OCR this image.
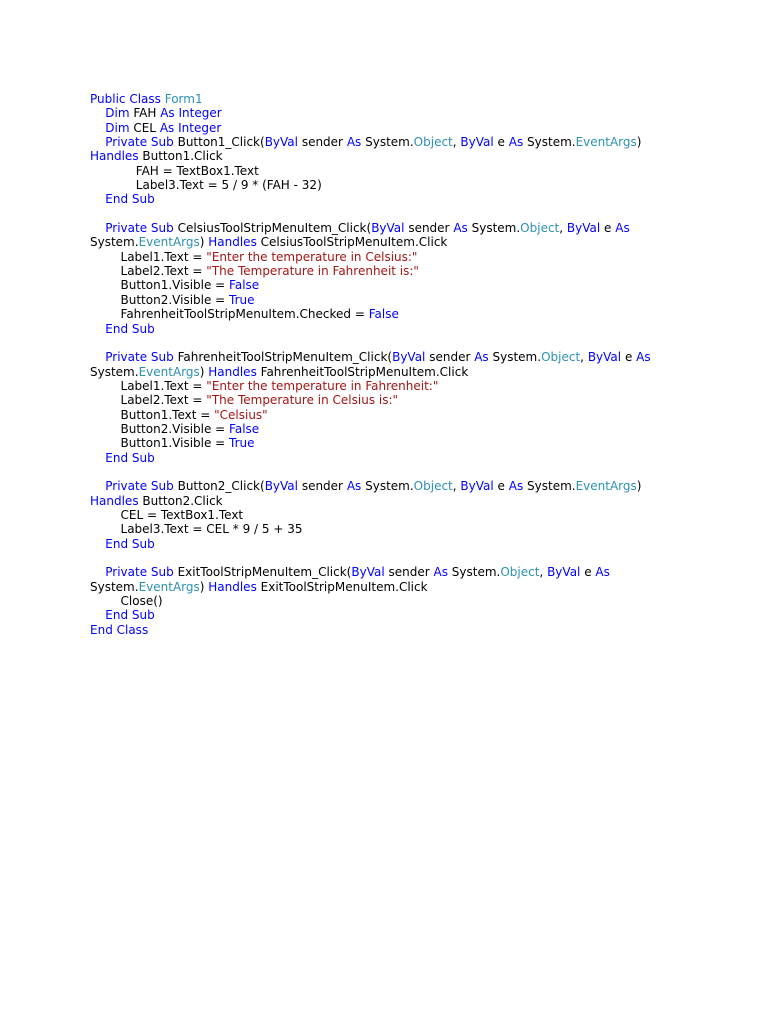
Public Class Form1
Dim FAH As Integer
Dim CEL As Integer
Private Sub Button1_Click(ByVal sender As System.Object, ByVal e As System.EventArgs)
Handles Button1.Click
FAH = TextBox1.Text
Label3.Text = 5 / 9 * (FAH - 32)
End Sub
Private Sub CelsiusToolStripMenuItem_Click(ByVal sender As System.Object, ByVal e As
System.EventArgs) Handles CelsiusToolStripMenuItem.Click
Label1.Text = "Enter the temperature in Celsius:"
Label2.Text = "The Temperature in Fahrenheit is:"
Button1.Visible = False
Button2.Visible = True
FahrenheitToolStripMenuItem.Checked = False
End Sub
Private Sub FahrenheitToolStripMenuItem_Click(ByVal sender As System.Object, ByVal e As
System.EventArgs) Handles FahrenheitToolStripMenuItem.Click
Label1.Text = "Enter the temperature in Fahrenheit:"
Label2.Text = "The Temperature in Celsius is:"
Button1.Text = "Celsius"
Button2.Visible = False
Button1.Visible = True
End Sub
Private Sub Button2_Click(ByVal sender As System.Object, ByVal e As System.EventArgs)
Handles Button2.Click
CEL = TextBox1.Text
Label3.Text = CEL * 9 / 5 + 35
End Sub
Private Sub ExitToolStripMenuItem_Click(ByVal sender As System.Object, ByVal e As
System.EventArgs) Handles ExitToolStripMenuItem.Click
Close()
End Sub
End Class
